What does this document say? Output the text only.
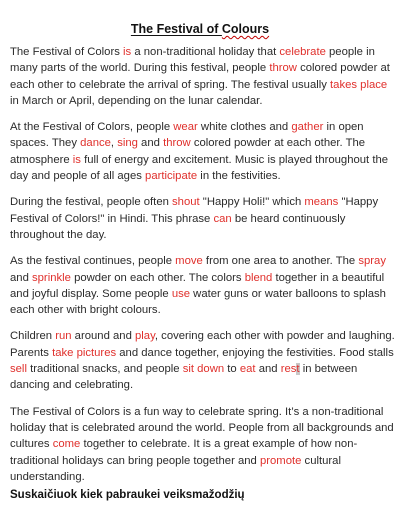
The Festival of Colours

The Festival of Colors is a non-traditional holiday that celebrate people in many parts of the world. During this festival, people throw colored powder at each other to celebrate the arrival of spring. The festival usually takes place in March or April, depending on the lunar calendar.

At the Festival of Colors, people wear white clothes and gather in open spaces. They dance, sing and throw colored powder at each other. The atmosphere is full of energy and excitement. Music is played throughout the day and people of all ages participate in the festivities.

During the festival, people often shout "Happy Holi!" which means "Happy Festival of Colors!" in Hindi. This phrase can be heard continuously throughout the day.

As the festival continues, people move from one area to another. The spray and sprinkle powder on each other. The colors blend together in a beautiful and joyful display. Some people use water guns or water balloons to splash each other with bright colours.

Children run around and play, covering each other with powder and laughing. Parents take pictures and dance together, enjoying the festivities. Food stalls sell traditional snacks, and people sit down to eat and rest in between dancing and celebrating.

The Festival of Colors is a fun way to celebrate spring. It’s a non-traditional holiday that is celebrated around the world. People from all backgrounds and cultures come together to celebrate. It is a great example of how non-traditional holidays can bring people together and promote cultural understanding.

Suskaičiuok kiek pabraukei veiksmažodžių
